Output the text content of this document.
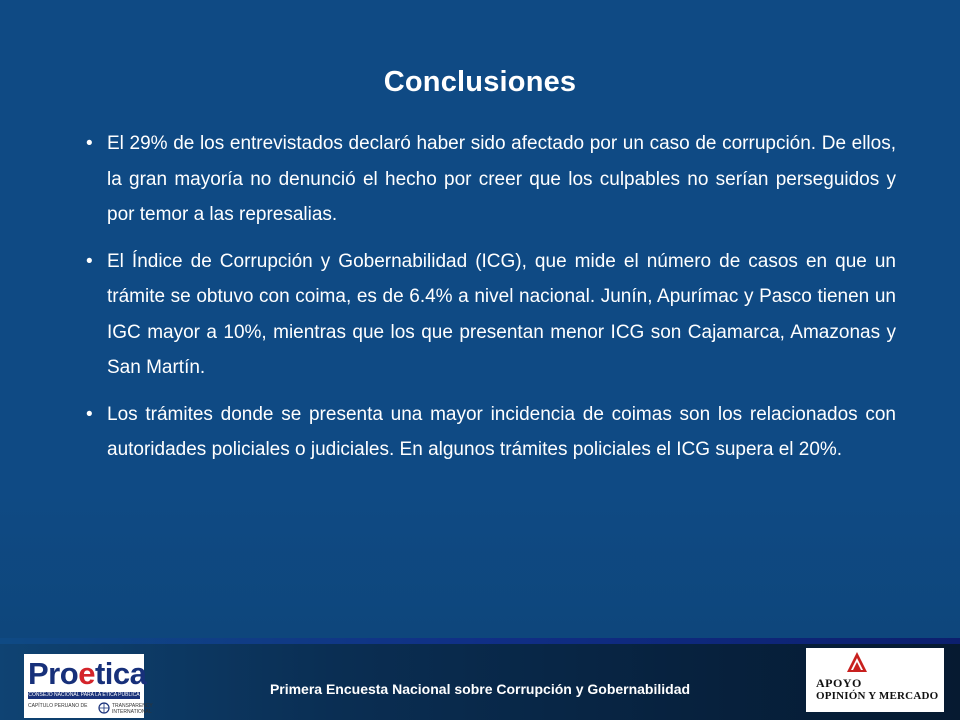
Conclusiones
• El 29% de los entrevistados declaró haber sido afectado por un caso de corrupción. De ellos, la gran mayoría no denunció el hecho por creer que los culpables no serían perseguidos y por temor a las represalias.
• El Índice de Corrupción y Gobernabilidad (ICG), que mide el número de casos en que un trámite se obtuvo con coima, es de 6.4% a nivel nacional. Junín, Apurímac y Pasco tienen un IGC mayor a 10%, mientras que los que presentan menor ICG son Cajamarca, Amazonas y San Martín.
• Los trámites donde se presenta una mayor incidencia de coimas son los relacionados con autoridades policiales o judiciales. En algunos trámites policiales el ICG supera el 20%.
Proetica
CONSEJO NACIONAL PARA LA ÉTICA PÚBLICA
CAPÍTULO PERUANO DE	TRANSPARENCY INTERNATIONAL
Primera Encuesta Nacional sobre Corrupción y Gobernabilidad	APOYO
OPINIÓN Y MERCADO
